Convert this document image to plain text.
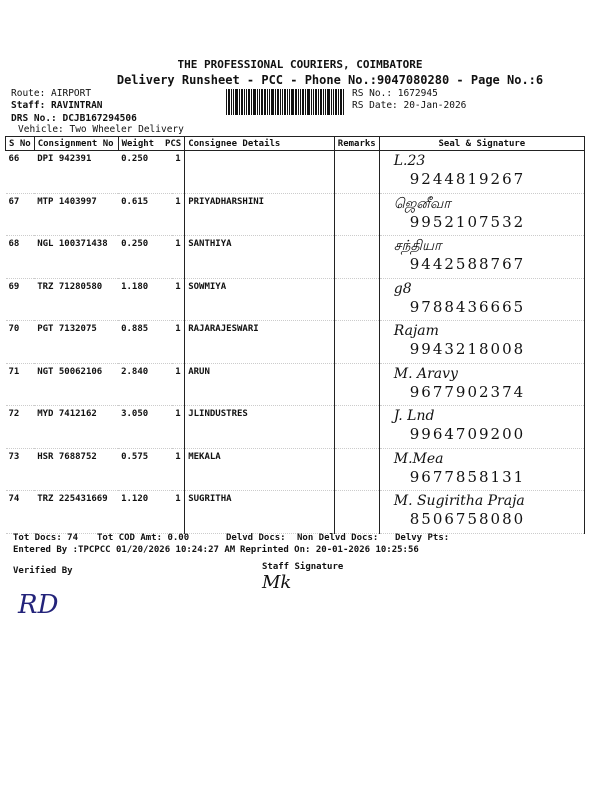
THE PROFESSIONAL COURIERS, COIMBATORE
Delivery Runsheet - PCC - Phone No.:9047080280 - Page No.:6
Route: AIRPORT
Staff: RAVINTRAN
DRS No.: DCJB167294506
Vehicle: Two Wheeler Delivery
RS No.: 1672945
RS Date: 20-Jan-2026
S No	Consignment No	Weight PCS		Consignee Details	Remarks	Seal & Signature
66	DPI 942391	0.250	1			L.23
9244819267

67	MTP 1403997	0.615	1	PRIYADHARSHINI		ஜெனீவா
9952107532

68	NGL 100371438	0.250	1	SANTHIYA		சந்தியா
9442588767

69	TRZ 71280580	1.180	1	SOWMIYA		g8
9788436665

70	PGT 7132075	0.885	1	RAJARAJESWARI		Rajam
9943218008

71	NGT 50062106	2.840	1	ARUN		M. Aravy
9677902374

72	MYD 7412162	3.050	1	JLINDUSTRES		J. Lnd
9964709200

73	HSR 7688752	0.575	1	MEKALA		M.Mea
9677858131

74	TRZ 225431669	1.120	1	SUGRITHA		M. Sugiritha Praja
8506758080
Tot Docs: 74 Tot COD Amt: 0.00	Delvd Docs: Non Delvd Docs: Delvy Pts:
Entered By :TPCPCC 01/20/2026 10:24:27 AM Reprinted On: 20-01-2026 10:25:56
Verified By	Staff Signature
RD
Mk
